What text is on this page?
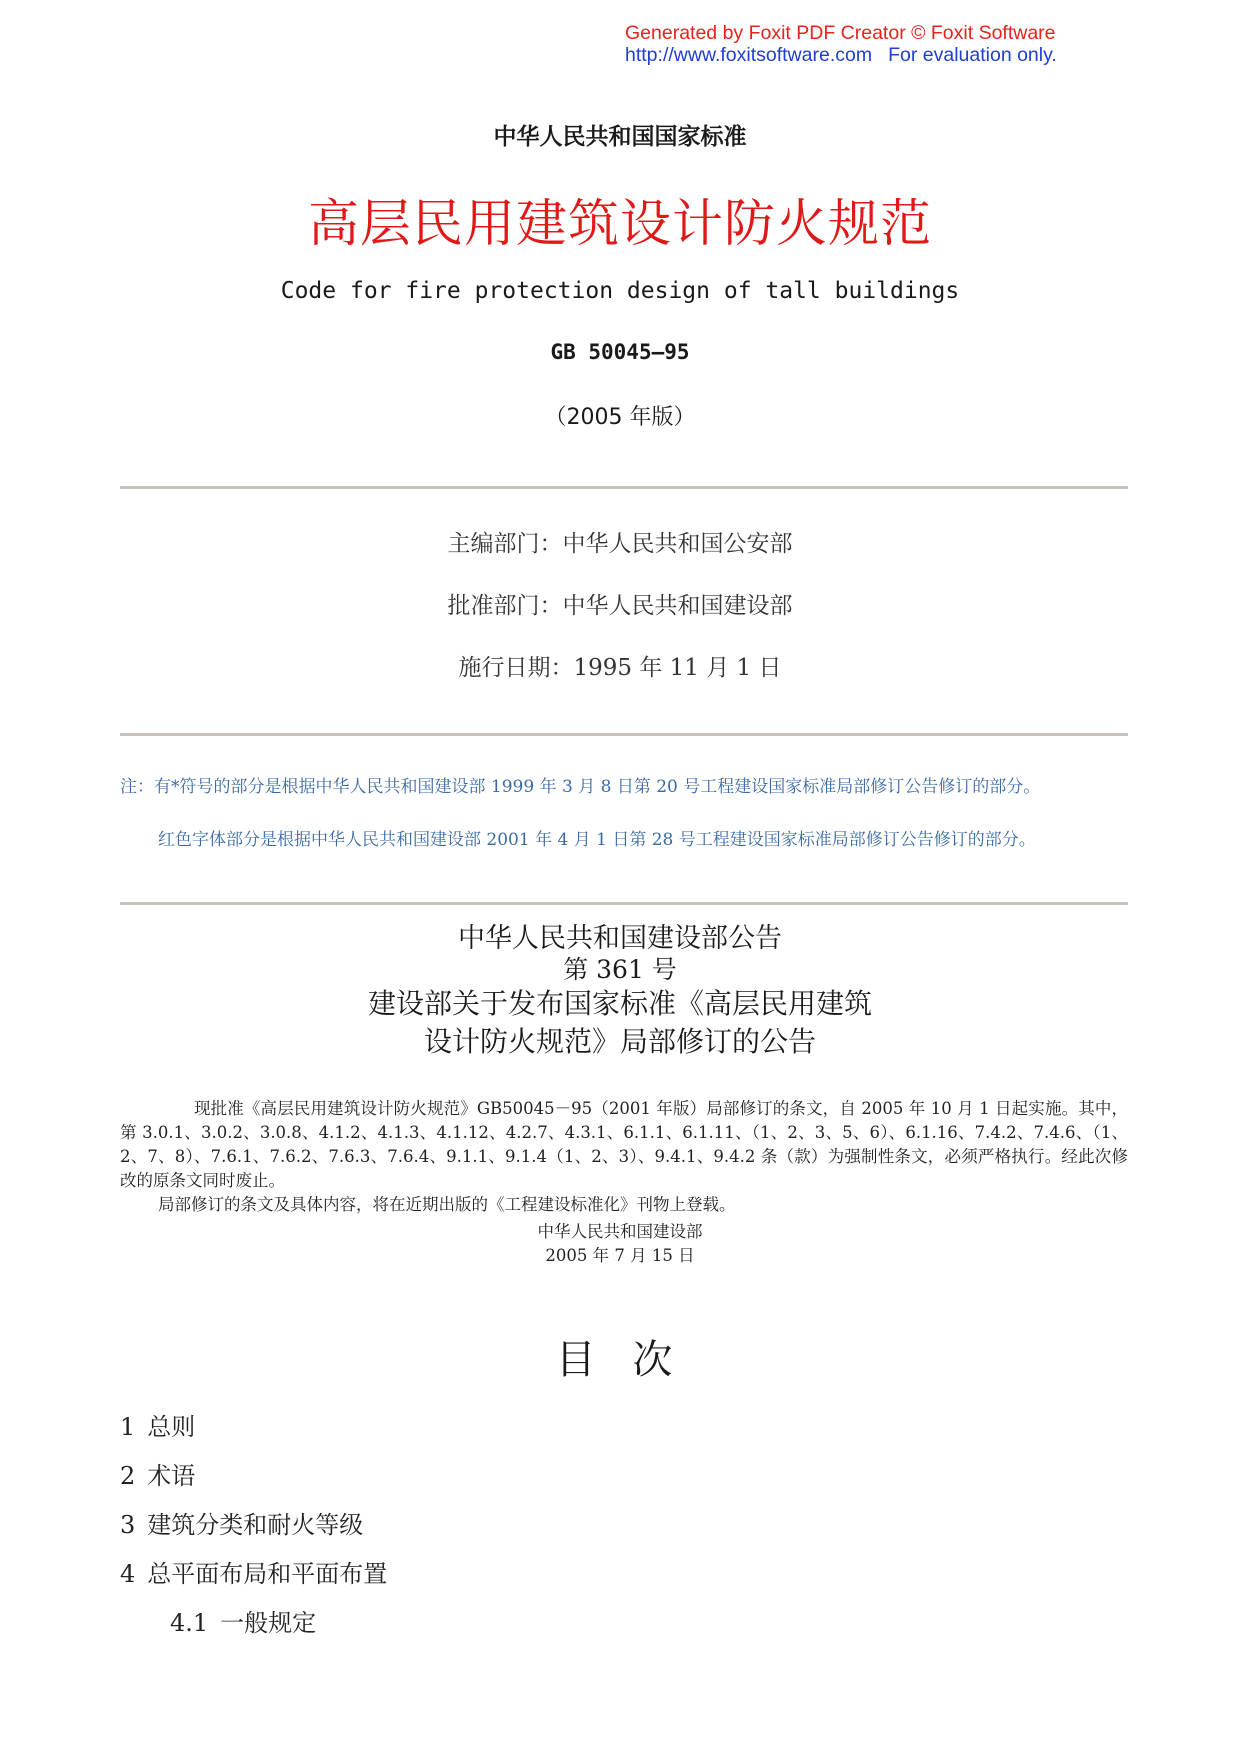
Generated by Foxit PDF Creator © Foxit Software
http://www.foxitsoftware.com For evaluation only.
中华人民共和国国家标准
高层民用建筑设计防火规范
Code for fire protection design of tall buildings
GB 50045—95
（2005 年版）
主编部门：中华人民共和国公安部
批准部门：中华人民共和国建设部
施行日期：1995 年 11 月 1 日
注：有*符号的部分是根据中华人民共和国建设部 1999 年 3 月 8 日第 20 号工程建设国家标准局部修订公告修订的部分。
红色字体部分是根据中华人民共和国建设部 2001 年 4 月 1 日第 28 号工程建设国家标准局部修订公告修订的部分。
中华人民共和国建设部公告
第 361 号
建设部关于发布国家标准《高层民用建筑
设计防火规范》局部修订的公告
现批准《高层民用建筑设计防火规范》GB50045－95（2001 年版）局部修订的条文，自 2005 年 10 月 1 日起实施。其中，第 3.0.1、3.0.2、3.0.8、4.1.2、4.1.3、4.1.12、4.2.7、4.3.1、6.1.1、6.1.11、（1、2、3、5、6）、6.1.16、7.4.2、7.4.6、（1、2、7、8）、7.6.1、7.6.2、7.6.3、7.6.4、9.1.1、9.1.4（1、2、3）、9.4.1、9.4.2 条（款）为强制性条文，必须严格执行。经此次修改的原条文同时废止。
局部修订的条文及具体内容，将在近期出版的《工程建设标准化》刊物上登载。
中华人民共和国建设部
2005 年 7 月 15 日
目 次
1 总则
2 术语
3 建筑分类和耐火等级
4 总平面布局和平面布置
4.1 一般规定
